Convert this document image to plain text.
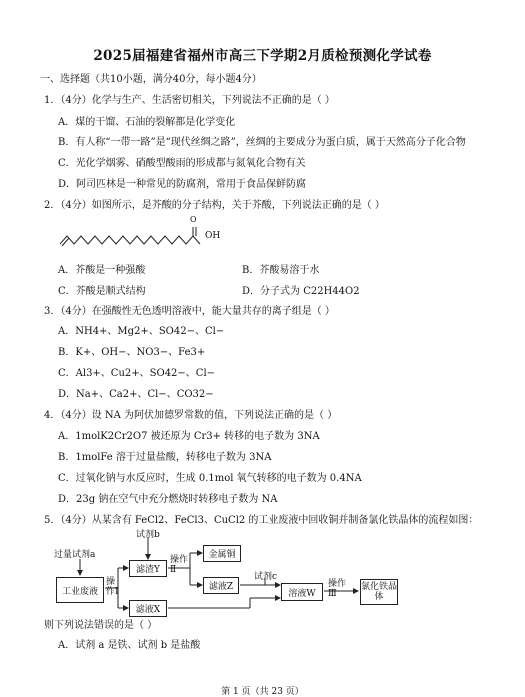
2025届福建省福州市高三下学期2月质检预测化学试卷
一、选择题（共10小题，满分40分，每小题4分）
1．（4分）化学与生产、生活密切相关，下列说法不正确的是（ ）
A．煤的干馏、石油的裂解都是化学变化
B．有人称“一带一路”是“现代丝绸之路”，丝绸的主要成分为蛋白质，属于天然高分子化合物
C．光化学烟雾、硝酸型酸雨的形成都与氮氧化合物有关
D．阿司匹林是一种常见的防腐剂，常用于食品保鲜防腐
2．（4分）如图所示，是芥酸的分子结构，关于芥酸，下列说法正确的是（ ）
OH
O
A．芥酸是一种强酸	B．芥酸易溶于水
C．芥酸是顺式结构	D．分子式为 C22H44O2
3．（4分）在强酸性无色透明溶液中，能大量共存的离子组是（ ）
A．NH4+、Mg2+、SO42−、Cl−
B．K+、OH−、NO3−、Fe3+
C．Al3+、Cu2+、SO42−、Cl−
D．Na+、Ca2+、Cl−、CO32−
4．（4分）设 NA 为阿伏加德罗常数的值，下列说法正确的是（ ）
A．1molK2Cr2O7 被还原为 Cr3+ 转移的电子数为 3NA
B．1molFe 溶于过量盐酸，转移电子数为 3NA
C．过氧化钠与水反应时，生成 0.1mol 氧气转移的电子数为 0.4NA
D．23g 钠在空气中充分燃烧时转移电子数为 NA
5．（4分）从某含有 FeCl2、FeCl3、CuCl2 的工业废液中回收铜并制备氯化铁晶体的流程如图：
过量试剂a
工业废液
操作Ⅰ
试剂b
滤渣Y
滤液X
操作Ⅱ
金属铜
滤液Z
试剂c
溶液W
操作Ⅲ
氯化铁晶体
则下列说法错误的是（ ）
A．试剂 a 是铁、试剂 b 是盐酸
第 1 页（共 23 页）
